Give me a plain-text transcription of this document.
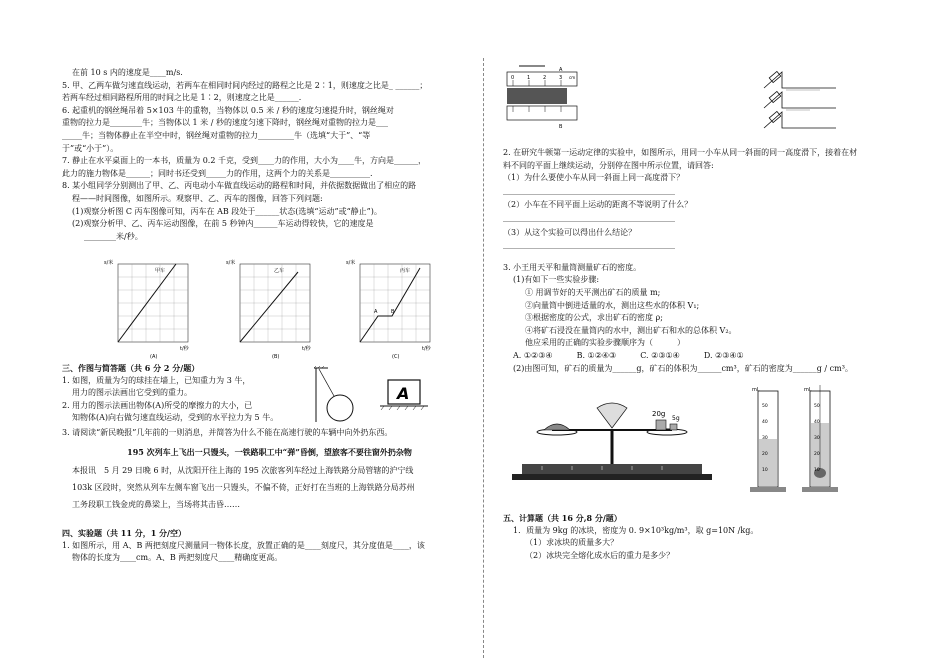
在前 10 s 内的速度是____m/s.

5. 甲、乙两车做匀速直线运动，若两车在相同时间内经过的路程之比是 2∶1，则速度之比是_ ______；

若两车经过相同路程所用的时间之比是 1∶2，则速度之比是______.

6. 起重机的钢丝绳吊着 5×103 牛的重物，当物体以 0.5 米 / 秒的速度匀速提升时，钢丝绳对

重物的拉力是________牛；当物体以 1 米 / 秒的速度匀速下降时，钢丝绳对重物的拉力是___

_____牛；当物体静止在半空中时，钢丝绳对重物的拉力_________牛（选填“大于”、“等

于”或“小于”）。

7. 静止在水平桌面上的一本书，质量为 0.2 千克，受到____力的作用，大小为____牛，方向是______，

此力的施力物体是______；同时书还受到_____力的作用，这两个力的关系是__________.

8. 某小组同学分别测出了甲、乙、丙电动小车做直线运动的路程和时间，并依据数据做出了相应的路

程——时间图像，如图所示。观察甲、乙、丙车的图像，回答下列问题:

(1)观察分析图 C 丙车图像可知，丙车在 AB 段处于______状态(选填“运动”或“静止”)。

(2)观察分析甲、乙、丙车运动图像，在前 5 秒钟内______车运动得较快，它的速度是

________米/秒。

甲车
s/米
t/秒
(A)
乙车
s/米
t/秒
(B)
A	B
丙车
s/米
t/秒
(C)

三、作图与简答题（共 6 分 2 分/题）

1. 如图，质量为匀的球挂在墙上，已知重力为 3 牛，

用力的图示法画出它受到的重力。

2. 用力的图示法画出物体(A)所受的摩擦力的大小，已

知物体(A)向右做匀速直线运动，受到的水平拉力为 5 牛。

3. 请阅读“新民晚报”几年前的一则消息，并简答为什么不能在高速行驶的车辆中向外扔东西。

195 次列车上飞出一只馒头，一铁路职工中“弹”昏倒，望旅客不要往窗外扔杂物

本报讯　5 月 29 日晚 6 时，从沈阳开往上海的 195 次旅客列车经过上海铁路分局管辖的沪宁线

103k 区段时，突然从列车左侧车窗飞出一只馒头，不偏不倚，正好打在当班的上海铁路分局苏州

工务段职工钱金虎的鼻梁上，当场将其击昏……

四、实验题（共 11 分，1 分/空）

1. 如图所示，用 A、B 两把刻度尺测量同一物体长度，放置正确的是____刻度尺，其分度值是____，该

物体的长度为____cm。A、B 两把刻度尺____精确度更高。

A
0	1	2	3 cm
A
B

2. 在研究牛顿第一运动定律的实验中，如图所示，用同一小车从同一斜面的同一高度滑下，接着在材

料不同的平面上继续运动，分别停在图中所示位置，请回答:

（1）为什么要使小车从同一斜面上同一高度滑下？

___________________________________________

（2）小车在不同平面上运动的距离不等说明了什么？

___________________________________________

（3）从这个实验可以得出什么结论？

___________________________________________

3. 小王用天平和量筒测量矿石的密度。

(1)有如下一些实验步骤:

① 用调节好的天平测出矿石的质量 m;

②向量筒中倒进适量的水，测出这些水的体积 V₁;

③根据密度的公式，求出矿石的密度 ρ;

④将矿石浸没在量筒内的水中，测出矿石和水的总体积 V₂。

他应采用的正确的实验步骤顺序为（　　　）

A. ①②③④　　　	B. ①②④③　　　	C. ②③①④　　　	D. ②③④①

(2)由图可知，矿石的质量为______g，矿石的体积为______cm³，矿石的密度为______g / cm³。

20g
5g
mL
50
40
30
20
10
mL
50
40
30
20
10

五、计算题（共 16 分,8 分/题）

1．质量为 9kg 的冰块，密度为 0. 9×10³kg/m³，取 g=10N /kg。

（1）求冰块的质量多大？

（2）冰块完全熔化成水后的重力是多少？
